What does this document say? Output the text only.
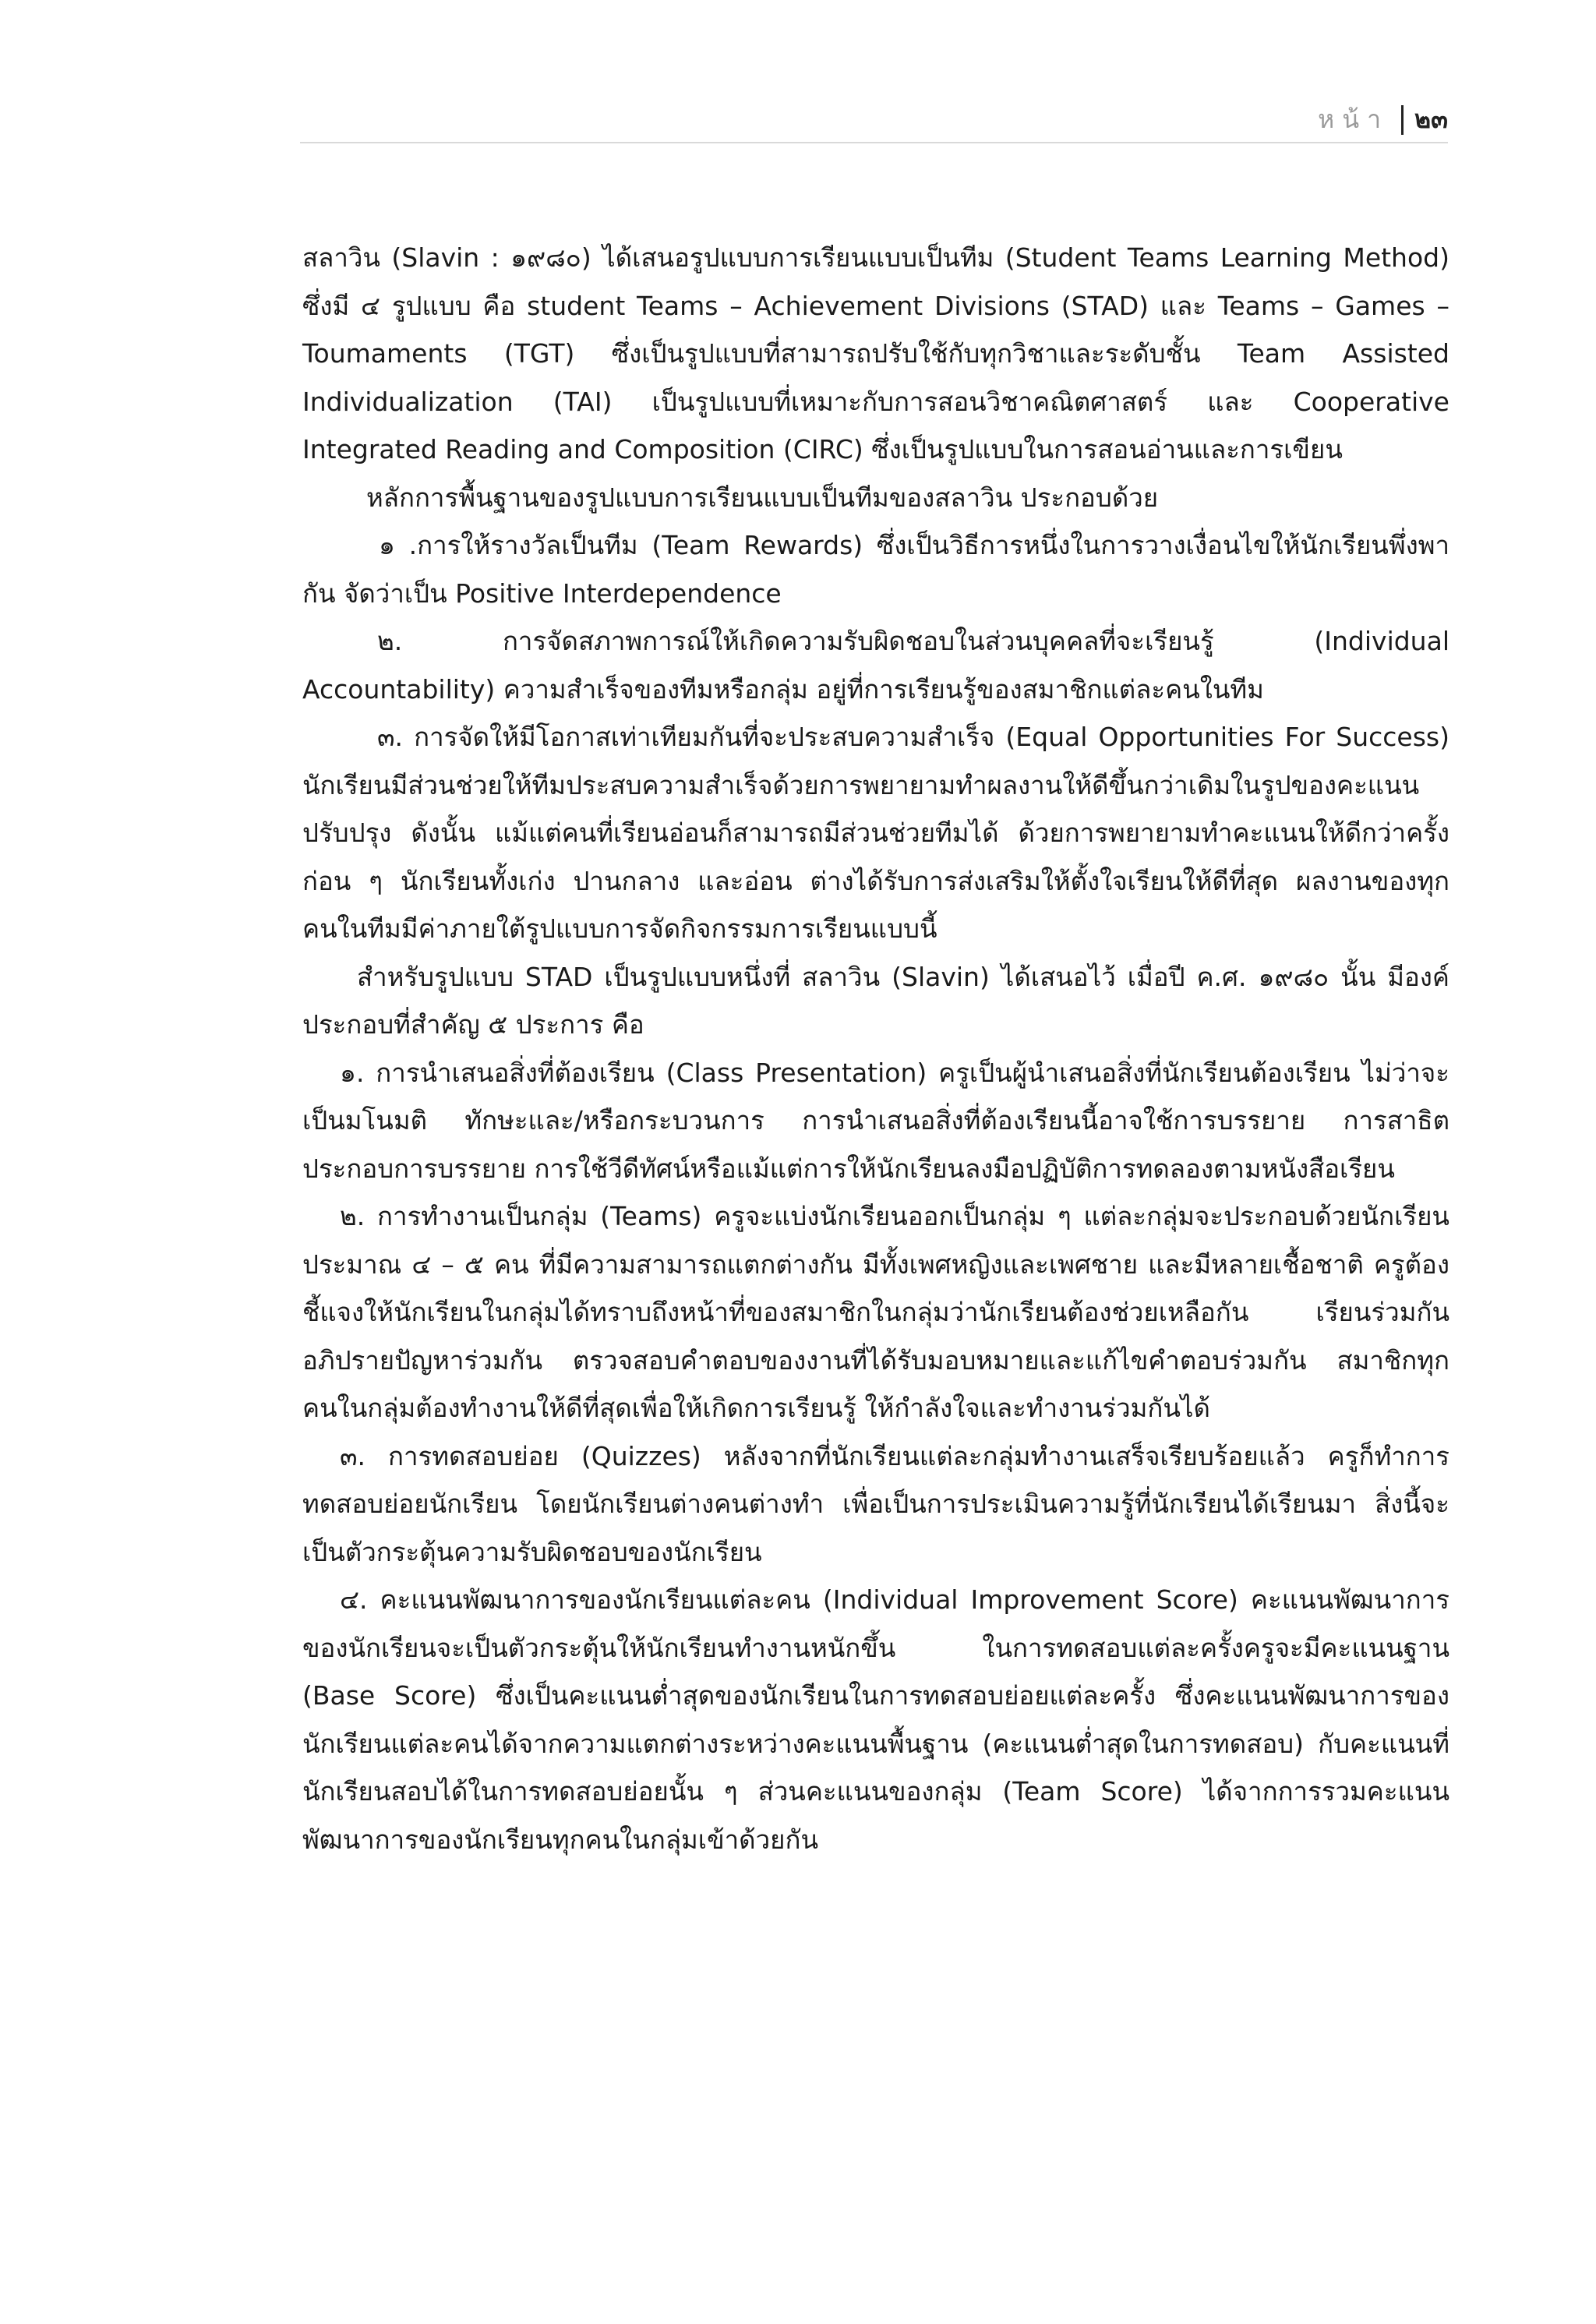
หน้า ๒๓

สลาวิน (Slavin : ๑๙๘๐) ได้เสนอรูปแบบการเรียนแบบเป็นทีม (Student Teams Learning Method) ซึ่งมี ๔ รูปแบบ คือ student Teams – Achievement Divisions (STAD) และ Teams – Games – Toumaments (TGT) ซึ่งเป็นรูปแบบที่สามารถปรับใช้กับทุกวิชาและระดับชั้น Team Assisted Individualization (TAI) เป็นรูปแบบที่เหมาะกับการสอนวิชาคณิตศาสตร์ และ Cooperative Integrated Reading and Composition (CIRC) ซึ่งเป็นรูปแบบในการสอนอ่านและการเขียน

หลักการพื้นฐานของรูปแบบการเรียนแบบเป็นทีมของสลาวิน ประกอบด้วย

๑ .การให้รางวัลเป็นทีม (Team Rewards) ซึ่งเป็นวิธีการหนึ่งในการวางเงื่อนไขให้นักเรียนพึ่งพากัน จัดว่าเป็น Positive Interdependence

๒. การจัดสภาพการณ์ให้เกิดความรับผิดชอบในส่วนบุคคลที่จะเรียนรู้ (Individual Accountability) ความสำเร็จของทีมหรือกลุ่ม อยู่ที่การเรียนรู้ของสมาชิกแต่ละคนในทีม

๓. การจัดให้มีโอกาสเท่าเทียมกันที่จะประสบความสำเร็จ (Equal Opportunities For Success) นักเรียนมีส่วนช่วยให้ทีมประสบความสำเร็จด้วยการพยายามทำผลงานให้ดีขึ้นกว่าเดิมในรูปของคะแนนปรับปรุง ดังนั้น แม้แต่คนที่เรียนอ่อนก็สามารถมีส่วนช่วยทีมได้ ด้วยการพยายามทำคะแนนให้ดีกว่าครั้งก่อน ๆ นักเรียนทั้งเก่ง ปานกลาง และอ่อน ต่างได้รับการส่งเสริมให้ตั้งใจเรียนให้ดีที่สุด ผลงานของทุกคนในทีมมีค่าภายใต้รูปแบบการจัดกิจกรรมการเรียนแบบนี้

สำหรับรูปแบบ STAD เป็นรูปแบบหนึ่งที่ สลาวิน (Slavin) ได้เสนอไว้ เมื่อปี ค.ศ. ๑๙๘๐ นั้น มีองค์ประกอบที่สำคัญ ๕ ประการ คือ

๑. การนำเสนอสิ่งที่ต้องเรียน (Class Presentation) ครูเป็นผู้นำเสนอสิ่งที่นักเรียนต้องเรียน ไม่ว่าจะเป็นมโนมติ ทักษะและ/หรือกระบวนการ การนำเสนอสิ่งที่ต้องเรียนนี้อาจใช้การบรรยาย การสาธิตประกอบการบรรยาย การใช้วีดีทัศน์หรือแม้แต่การให้นักเรียนลงมือปฏิบัติการทดลองตามหนังสือเรียน

๒. การทำงานเป็นกลุ่ม (Teams) ครูจะแบ่งนักเรียนออกเป็นกลุ่ม ๆ แต่ละกลุ่มจะประกอบด้วยนักเรียนประมาณ ๔ – ๕ คน ที่มีความสามารถแตกต่างกัน มีทั้งเพศหญิงและเพศชาย และมีหลายเชื้อชาติ ครูต้องชี้แจงให้นักเรียนในกลุ่มได้ทราบถึงหน้าที่ของสมาชิกในกลุ่มว่านักเรียนต้องช่วยเหลือกัน เรียนร่วมกัน อภิปรายปัญหาร่วมกัน ตรวจสอบคำตอบของงานที่ได้รับมอบหมายและแก้ไขคำตอบร่วมกัน สมาชิกทุกคนในกลุ่มต้องทำงานให้ดีที่สุดเพื่อให้เกิดการเรียนรู้ ให้กำลังใจและทำงานร่วมกันได้

๓. การทดสอบย่อย (Quizzes) หลังจากที่นักเรียนแต่ละกลุ่มทำงานเสร็จเรียบร้อยแล้ว ครูก็ทำการทดสอบย่อยนักเรียน โดยนักเรียนต่างคนต่างทำ เพื่อเป็นการประเมินความรู้ที่นักเรียนได้เรียนมา สิ่งนี้จะเป็นตัวกระตุ้นความรับผิดชอบของนักเรียน

๔. คะแนนพัฒนาการของนักเรียนแต่ละคน (Individual Improvement Score) คะแนนพัฒนาการของนักเรียนจะเป็นตัวกระตุ้นให้นักเรียนทำงานหนักขึ้น ในการทดสอบแต่ละครั้งครูจะมีคะแนนฐาน (Base Score) ซึ่งเป็นคะแนนต่ำสุดของนักเรียนในการทดสอบย่อยแต่ละครั้ง ซึ่งคะแนนพัฒนาการของนักเรียนแต่ละคนได้จากความแตกต่างระหว่างคะแนนพื้นฐาน (คะแนนต่ำสุดในการทดสอบ) กับคะแนนที่นักเรียนสอบได้ในการทดสอบย่อยนั้น ๆ ส่วนคะแนนของกลุ่ม (Team Score) ได้จากการรวมคะแนนพัฒนาการของนักเรียนทุกคนในกลุ่มเข้าด้วยกัน
